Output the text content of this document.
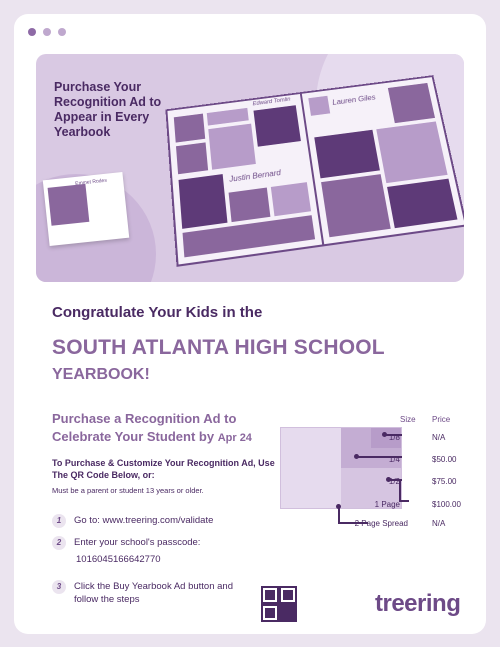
Purchase Your Recognition Ad to Appear in Every Yearbook
Emmet Rodes
Edward Tomlin
Justin Bernard
Lauren Giles
Congratulate Your Kids in the
SOUTH ATLANTA HIGH SCHOOL
YEARBOOK!
Purchase a Recognition Ad to
Celebrate Your Student by Apr 24
To Purchase & Customize Your Recognition Ad, Use The QR Code Below, or:
Must be a parent or student 13 years or older.
1	Go to: www.treering.com/validate
2	Enter your school's passcode:
1016045166642770
3	Click the Buy Yearbook Ad button and follow the steps
Size Price
1/8	N/A
1/4	$50.00
1/2	$75.00
1 Page	$100.00
2 Page Spread	N/A
treering
